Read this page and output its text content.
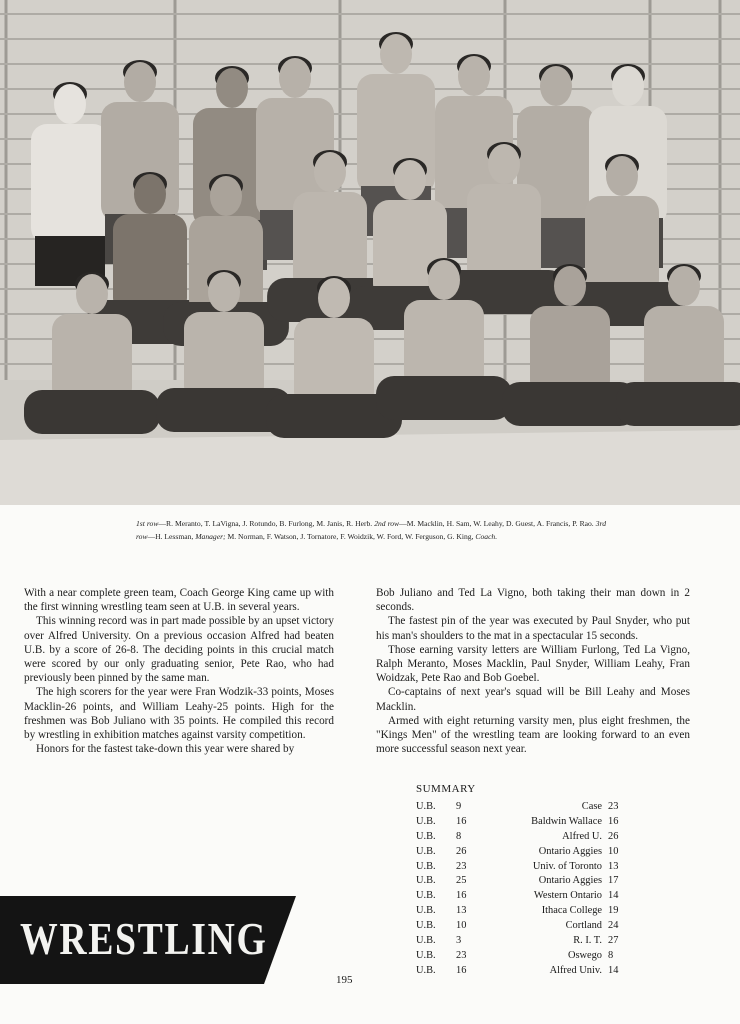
1st row—R. Meranto, T. LaVigna, J. Rotundo, B. Furlong, M. Janis, R. Herb. 2nd row—M. Macklin, H. Sam, W. Leahy, D. Guest, A. Francis, P. Rao. 3rd row—H. Lessman, Manager; M. Norman, F. Watson, J. Tornatore, F. Woidzik, W. Ford, W. Ferguson, G. King, Coach.

With a near complete green team, Coach George King came up with the first winning wrestling team seen at U.B. in several years.

This winning record was in part made possible by an upset victory over Alfred University. On a previous occasion Alfred had beaten U.B. by a score of 26-8. The deciding points in this crucial match were scored by our only graduating senior, Pete Rao, who had previously been pinned by the same man.

The high scorers for the year were Fran Wodzik-33 points, Moses Macklin-26 points, and William Leahy-25 points. High for the freshmen was Bob Juliano with 35 points. He compiled this record by wrestling in exhibition matches against varsity competition.

Honors for the fastest take-down this year were shared by

Bob Juliano and Ted La Vigno, both taking their man down in 2 seconds.

The fastest pin of the year was executed by Paul Snyder, who put his man's shoulders to the mat in a spectacular 15 seconds.

Those earning varsity letters are William Furlong, Ted La Vigno, Ralph Meranto, Moses Macklin, Paul Snyder, William Leahy, Fran Woidzak, Pete Rao and Bob Goebel.

Co-captains of next year's squad will be Bill Leahy and Moses Macklin.

Armed with eight returning varsity men, plus eight freshmen, the "Kings Men" of the wrestling team are looking forward to an even more successful season next year.

SUMMARY
U.B. 9	Case 23
U.B. 16	Baldwin Wallace 16
U.B. 8	Alfred U. 26
U.B. 26	Ontario Aggies 10
U.B. 23	Univ. of Toronto 13
U.B. 25	Ontario Aggies 17
U.B. 16	Western Ontario 14
U.B. 13	Ithaca College 19
U.B. 10	Cortland 24
U.B. 3	R. I. T. 27
U.B. 23	Oswego 8
U.B. 16	Alfred Univ. 14
WRESTLING
195
